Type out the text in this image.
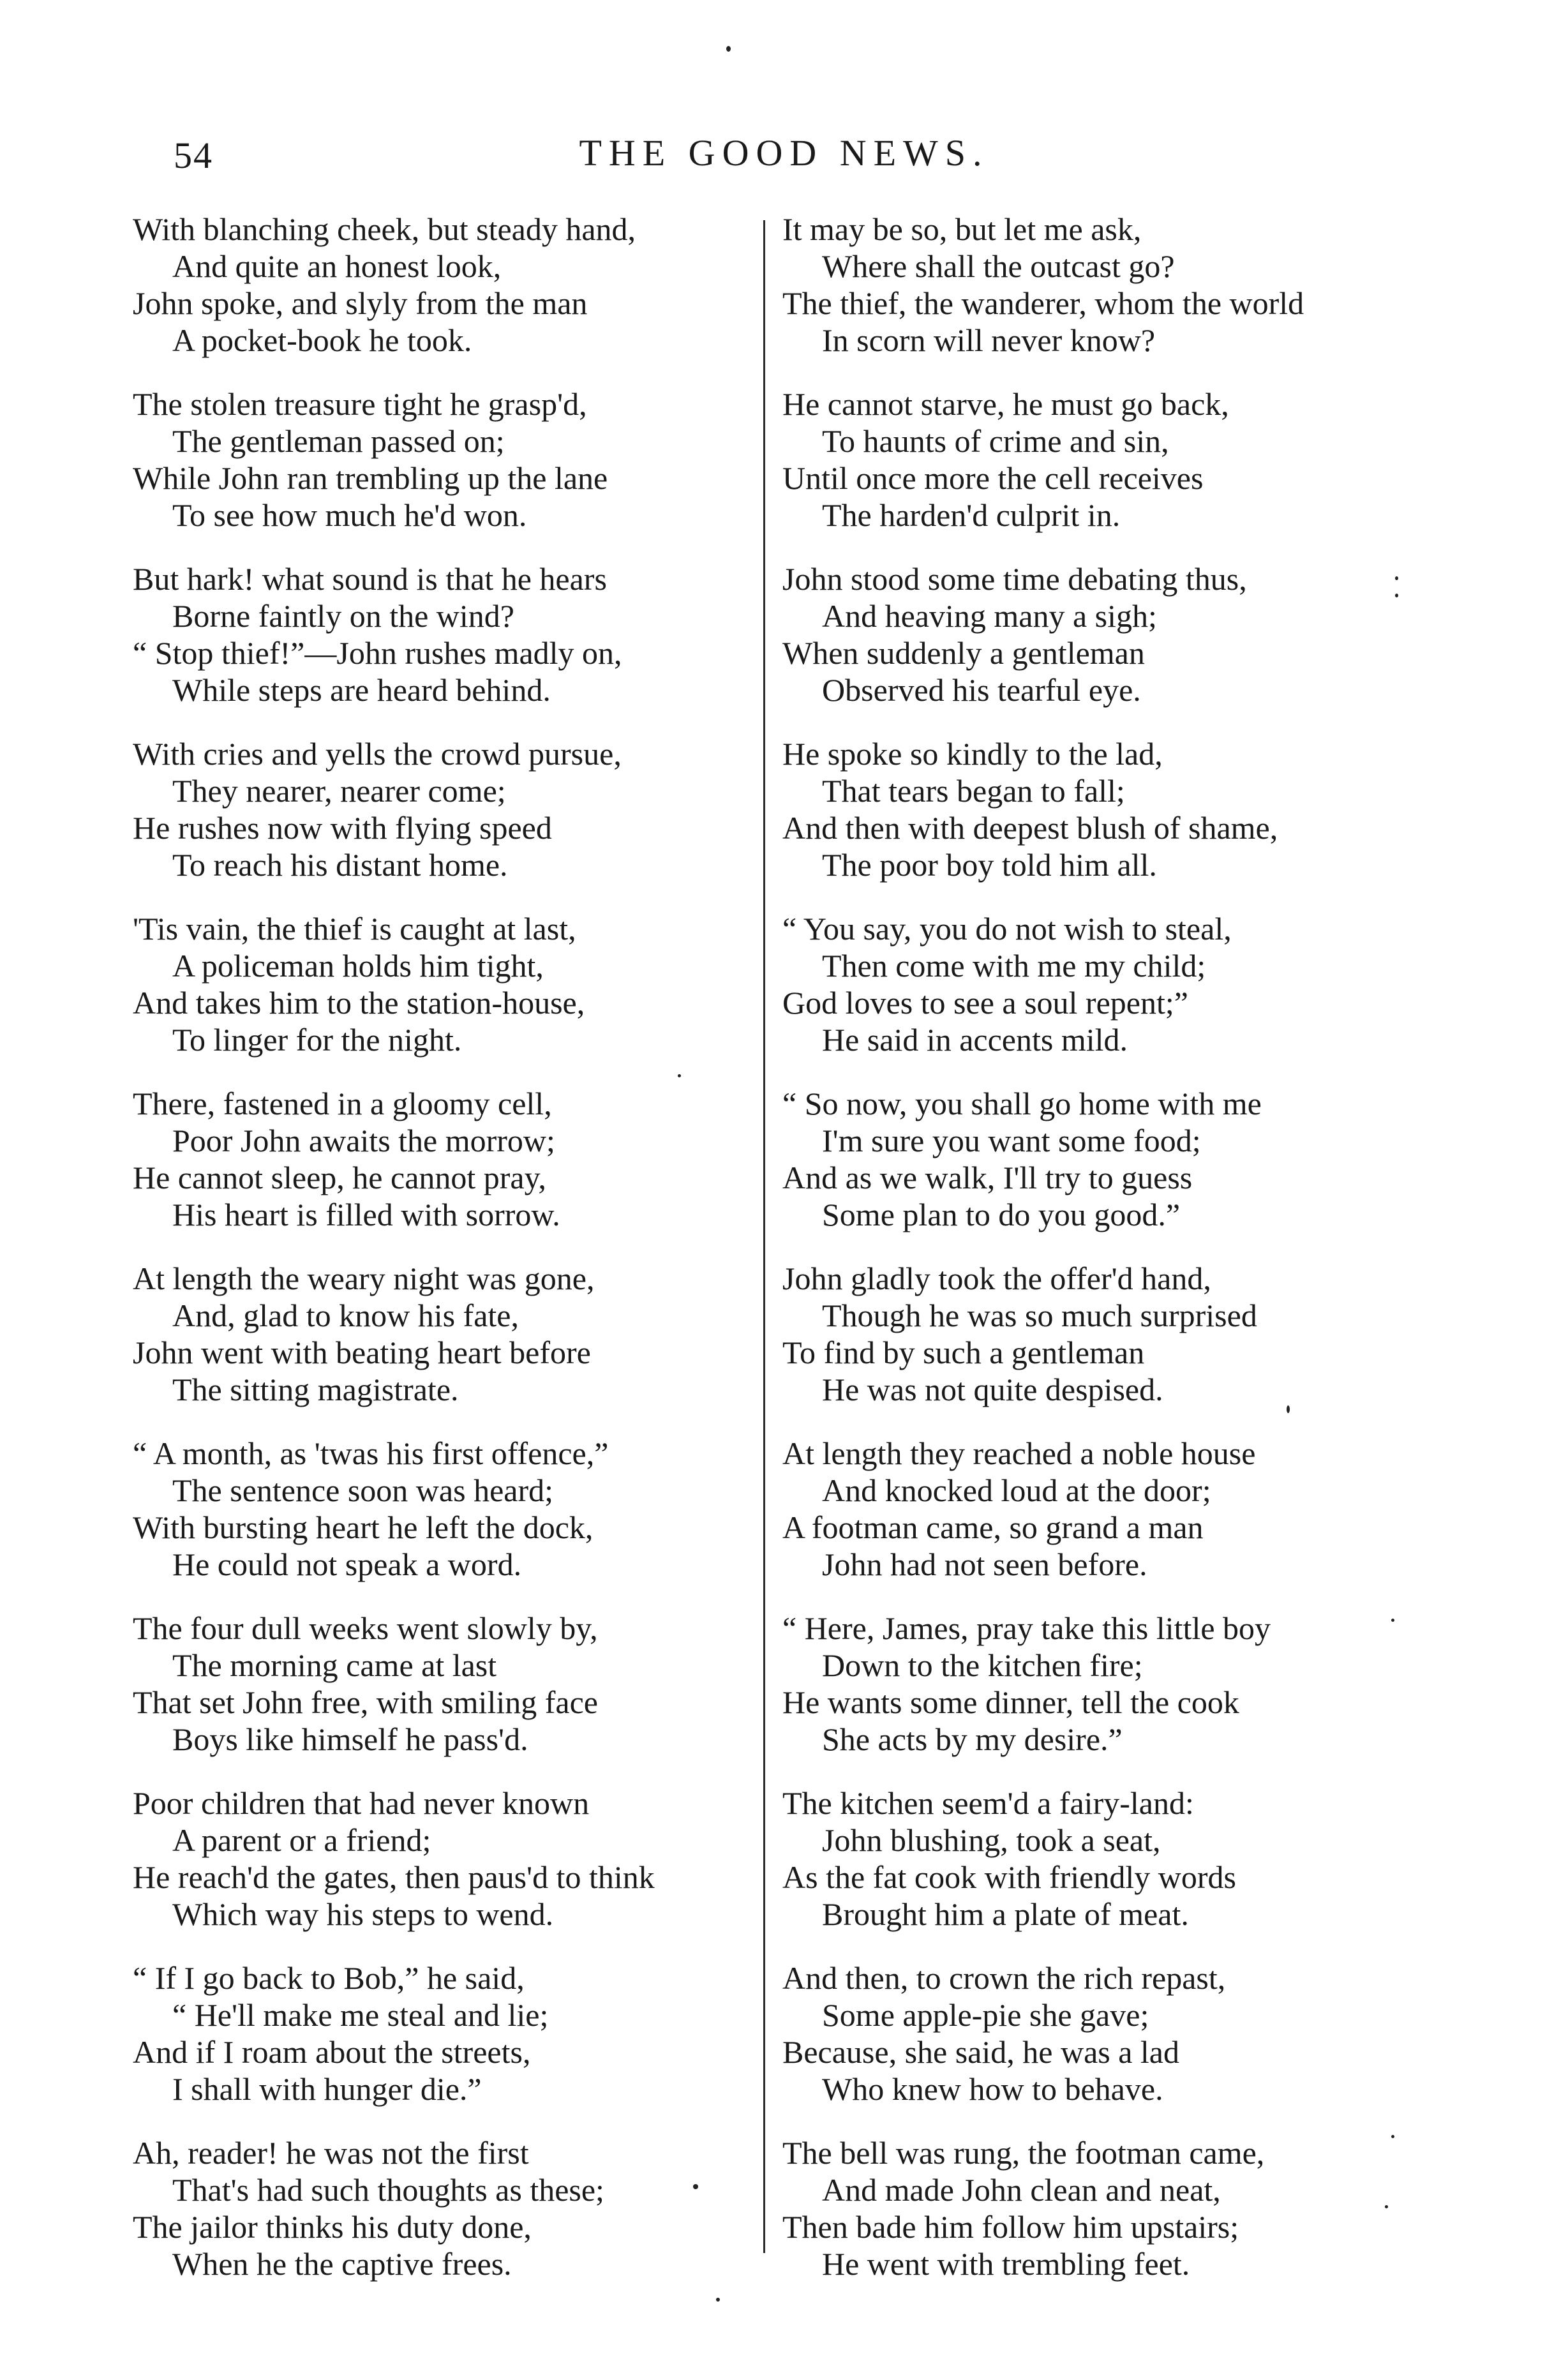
54	THE GOOD NEWS.
With blanching cheek, but steady hand,
And quite an honest look,
John spoke, and slyly from the man
A pocket-book he took.
The stolen treasure tight he grasp'd,
The gentleman passed on;
While John ran trembling up the lane
To see how much he'd won.
But hark! what sound is that he hears
Borne faintly on the wind?
“ Stop thief!”—John rushes madly on,
While steps are heard behind.
With cries and yells the crowd pursue,
They nearer, nearer come;
He rushes now with flying speed
To reach his distant home.
'Tis vain, the thief is caught at last,
A policeman holds him tight,
And takes him to the station-house,
To linger for the night.
There, fastened in a gloomy cell,
Poor John awaits the morrow;
He cannot sleep, he cannot pray,
His heart is filled with sorrow.
At length the weary night was gone,
And, glad to know his fate,
John went with beating heart before
The sitting magistrate.
“ A month, as 'twas his first offence,”
The sentence soon was heard;
With bursting heart he left the dock,
He could not speak a word.
The four dull weeks went slowly by,
The morning came at last
That set John free, with smiling face
Boys like himself he pass'd.
Poor children that had never known
A parent or a friend;
He reach'd the gates, then paus'd to think
Which way his steps to wend.
“ If I go back to Bob,” he said,
“ He'll make me steal and lie;
And if I roam about the streets,
I shall with hunger die.”
Ah, reader! he was not the first
That's had such thoughts as these;
The jailor thinks his duty done,
When he the captive frees.
It may be so, but let me ask,
Where shall the outcast go?
The thief, the wanderer, whom the world
In scorn will never know?
He cannot starve, he must go back,
To haunts of crime and sin,
Until once more the cell receives
The harden'd culprit in.
John stood some time debating thus,
And heaving many a sigh;
When suddenly a gentleman
Observed his tearful eye.
He spoke so kindly to the lad,
That tears began to fall;
And then with deepest blush of shame,
The poor boy told him all.
“ You say, you do not wish to steal,
Then come with me my child;
God loves to see a soul repent;”
He said in accents mild.
“ So now, you shall go home with me
I'm sure you want some food;
And as we walk, I'll try to guess
Some plan to do you good.”
John gladly took the offer'd hand,
Though he was so much surprised
To find by such a gentleman
He was not quite despised.
At length they reached a noble house
And knocked loud at the door;
A footman came, so grand a man
John had not seen before.
“ Here, James, pray take this little boy
Down to the kitchen fire;
He wants some dinner, tell the cook
She acts by my desire.”
The kitchen seem'd a fairy-land:
John blushing, took a seat,
As the fat cook with friendly words
Brought him a plate of meat.
And then, to crown the rich repast,
Some apple-pie she gave;
Because, she said, he was a lad
Who knew how to behave.
The bell was rung, the footman came,
And made John clean and neat,
Then bade him follow him upstairs;
He went with trembling feet.
